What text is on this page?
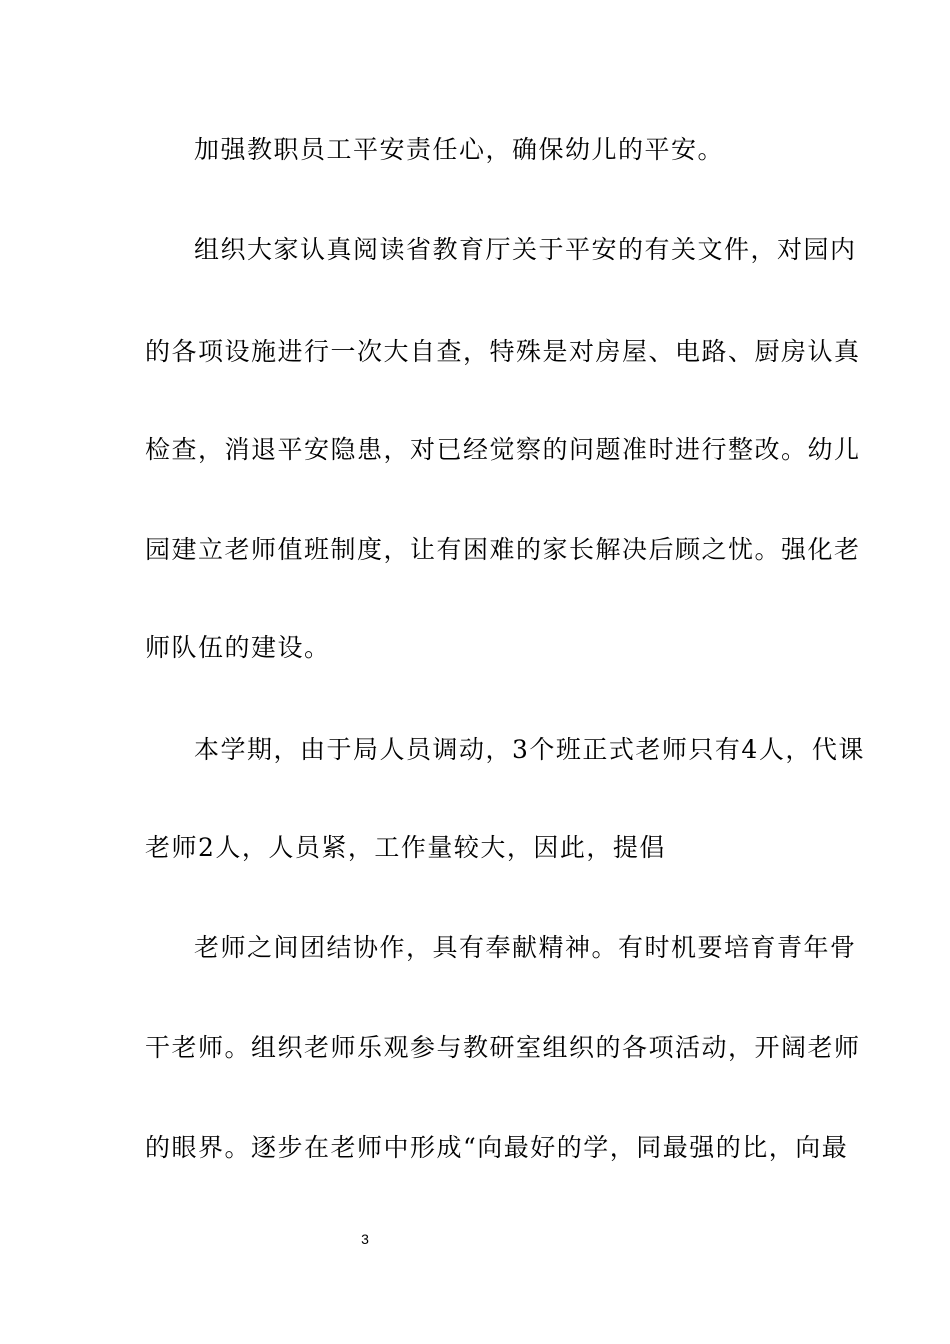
加强教职员工平安责任心，确保幼儿的平安。
组织大家认真阅读省教育厅关于平安的有关文件，对园内
的各项设施进行一次大自查，特殊是对房屋、电路、厨房认真
检查，消退平安隐患，对已经觉察的问题准时进行整改。幼儿
园建立老师值班制度，让有困难的家长解决后顾之忧。强化老
师队伍的建设。
本学期，由于局人员调动，3个班正式老师只有4人，代课
老师2人，人员紧，工作量较大，因此，提倡
老师之间团结协作，具有奉献精神。有时机要培育青年骨
干老师。组织老师乐观参与教研室组织的各项活动，开阔老师
的眼界。逐步在老师中形成“向最好的学，同最强的比，向最
3
